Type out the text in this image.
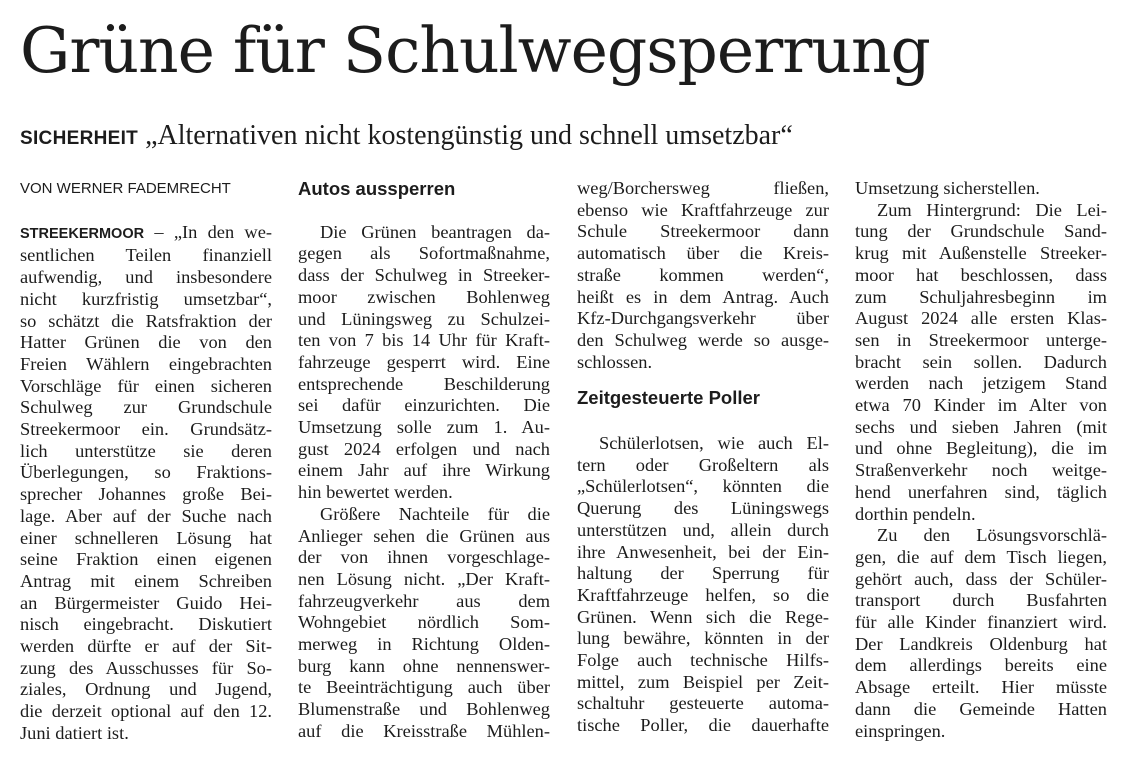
Grüne für Schulwegsperrung
SICHERHEIT „Alternativen nicht kostengünstig und schnell umsetzbar“
VON WERNER FADEMRECHT
STREEKERMOOR – „In den we-
sentlichen Teilen finanziell
aufwendig, und insbesondere
nicht kurzfristig umsetzbar“,
so schätzt die Ratsfraktion der
Hatter Grünen die von den
Freien Wählern eingebrachten
Vorschläge für einen sicheren
Schulweg zur Grundschule
Streekermoor ein. Grundsätz-
lich unterstütze sie deren
Überlegungen, so Fraktions-
sprecher Johannes große Bei-
lage. Aber auf der Suche nach
einer schnelleren Lösung hat
seine Fraktion einen eigenen
Antrag mit einem Schreiben
an Bürgermeister Guido Hei-
nisch eingebracht. Diskutiert
werden dürfte er auf der Sit-
zung des Ausschusses für So-
ziales, Ordnung und Jugend,
die derzeit optional auf den 12.
Juni datiert ist.
Autos aussperren
Die Grünen beantragen da-
gegen als Sofortmaßnahme,
dass der Schulweg in Streeker-
moor zwischen Bohlenweg
und Lüningsweg zu Schulzei-
ten von 7 bis 14 Uhr für Kraft-
fahrzeuge gesperrt wird. Eine
entsprechende Beschilderung
sei dafür einzurichten. Die
Umsetzung solle zum 1. Au-
gust 2024 erfolgen und nach
einem Jahr auf ihre Wirkung
hin bewertet werden.
Größere Nachteile für die
Anlieger sehen die Grünen aus
der von ihnen vorgeschlage-
nen Lösung nicht. „Der Kraft-
fahrzeugverkehr aus dem
Wohngebiet nördlich Som-
merweg in Richtung Olden-
burg kann ohne nennenswer-
te Beeinträchtigung auch über
Blumenstraße und Bohlenweg
auf die Kreisstraße Mühlen-
weg/Borchersweg fließen,
ebenso wie Kraftfahrzeuge zur
Schule Streekermoor dann
automatisch über die Kreis-
straße kommen werden“,
heißt es in dem Antrag. Auch
Kfz-Durchgangsverkehr über
den Schulweg werde so ausge-
schlossen.
Zeitgesteuerte Poller
Schülerlotsen, wie auch El-
tern oder Großeltern als
„Schülerlotsen“, könnten die
Querung des Lüningswegs
unterstützen und, allein durch
ihre Anwesenheit, bei der Ein-
haltung der Sperrung für
Kraftfahrzeuge helfen, so die
Grünen. Wenn sich die Rege-
lung bewähre, könnten in der
Folge auch technische Hilfs-
mittel, zum Beispiel per Zeit-
schaltuhr gesteuerte automa-
tische Poller, die dauerhafte
Umsetzung sicherstellen.
Zum Hintergrund: Die Lei-
tung der Grundschule Sand-
krug mit Außenstelle Streeker-
moor hat beschlossen, dass
zum Schuljahresbeginn im
August 2024 alle ersten Klas-
sen in Streekermoor unterge-
bracht sein sollen. Dadurch
werden nach jetzigem Stand
etwa 70 Kinder im Alter von
sechs und sieben Jahren (mit
und ohne Begleitung), die im
Straßenverkehr noch weitge-
hend unerfahren sind, täglich
dorthin pendeln.
Zu den Lösungsvorschlä-
gen, die auf dem Tisch liegen,
gehört auch, dass der Schüler-
transport durch Busfahrten
für alle Kinder finanziert wird.
Der Landkreis Oldenburg hat
dem allerdings bereits eine
Absage erteilt. Hier müsste
dann die Gemeinde Hatten
einspringen.
